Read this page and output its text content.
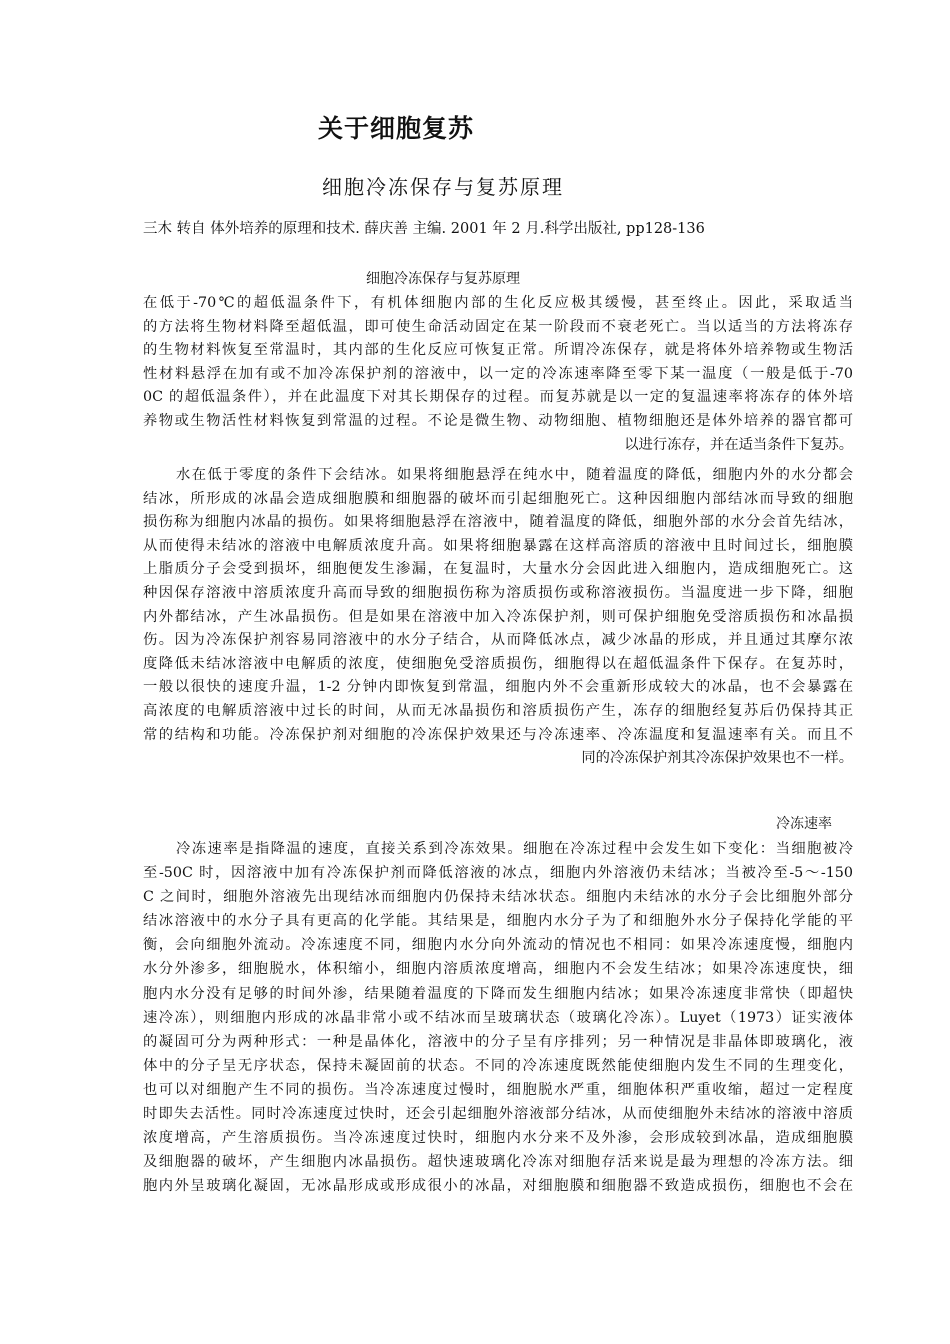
关于细胞复苏
细胞冷冻保存与复苏原理
三木 转自 体外培养的原理和技术. 薛庆善 主编. 2001 年 2 月.科学出版社, pp128-136
细胞冷冻保存与复苏原理
在低于-70℃的超低温条件下，有机体细胞内部的生化反应极其缓慢，甚至终止。因此，采取适当
的方法将生物材料降至超低温，即可使生命活动固定在某一阶段而不衰老死亡。当以适当的方法将冻存
的生物材料恢复至常温时，其内部的生化反应可恢复正常。所谓冷冻保存，就是将体外培养物或生物活
性材料悬浮在加有或不加冷冻保护剂的溶液中，以一定的冷冻速率降至零下某一温度（一般是低于-70
0C 的超低温条件），并在此温度下对其长期保存的过程。而复苏就是以一定的复温速率将冻存的体外培
养物或生物活性材料恢复到常温的过程。不论是微生物、动物细胞、植物细胞还是体外培养的器官都可
以进行冻存，并在适当条件下复苏。
水在低于零度的条件下会结冰。如果将细胞悬浮在纯水中，随着温度的降低，细胞内外的水分都会
结冰，所形成的冰晶会造成细胞膜和细胞器的破坏而引起细胞死亡。这种因细胞内部结冰而导致的细胞
损伤称为细胞内冰晶的损伤。如果将细胞悬浮在溶液中，随着温度的降低，细胞外部的水分会首先结冰，
从而使得未结冰的溶液中电解质浓度升高。如果将细胞暴露在这样高溶质的溶液中且时间过长，细胞膜
上脂质分子会受到损坏，细胞便发生渗漏，在复温时，大量水分会因此进入细胞内，造成细胞死亡。这
种因保存溶液中溶质浓度升高而导致的细胞损伤称为溶质损伤或称溶液损伤。当温度进一步下降，细胞
内外都结冰，产生冰晶损伤。但是如果在溶液中加入冷冻保护剂，则可保护细胞免受溶质损伤和冰晶损
伤。因为冷冻保护剂容易同溶液中的水分子结合，从而降低冰点，减少冰晶的形成，并且通过其摩尔浓
度降低未结冰溶液中电解质的浓度，使细胞免受溶质损伤，细胞得以在超低温条件下保存。在复苏时，
一般以很快的速度升温，1-2 分钟内即恢复到常温，细胞内外不会重新形成较大的冰晶，也不会暴露在
高浓度的电解质溶液中过长的时间，从而无冰晶损伤和溶质损伤产生，冻存的细胞经复苏后仍保持其正
常的结构和功能。冷冻保护剂对细胞的冷冻保护效果还与冷冻速率、冷冻温度和复温速率有关。而且不
同的冷冻保护剂其冷冻保护效果也不一样。
冷冻速率
冷冻速率是指降温的速度，直接关系到冷冻效果。细胞在冷冻过程中会发生如下变化：当细胞被冷
至-50C 时，因溶液中加有冷冻保护剂而降低溶液的冰点，细胞内外溶液仍未结冰；当被冷至-5～-150
C 之间时，细胞外溶液先出现结冰而细胞内仍保持未结冰状态。细胞内未结冰的水分子会比细胞外部分
结冰溶液中的水分子具有更高的化学能。其结果是，细胞内水分子为了和细胞外水分子保持化学能的平
衡，会向细胞外流动。冷冻速度不同，细胞内水分向外流动的情况也不相同：如果冷冻速度慢，细胞内
水分外渗多，细胞脱水，体积缩小，细胞内溶质浓度增高，细胞内不会发生结冰；如果冷冻速度快，细
胞内水分没有足够的时间外渗，结果随着温度的下降而发生细胞内结冰；如果冷冻速度非常快（即超快
速冷冻），则细胞内形成的冰晶非常小或不结冰而呈玻璃状态（玻璃化冷冻）。Luyet（1973）证实液体
的凝固可分为两种形式：一种是晶体化，溶液中的分子呈有序排列；另一种情况是非晶体即玻璃化，液
体中的分子呈无序状态，保持未凝固前的状态。不同的冷冻速度既然能使细胞内发生不同的生理变化，
也可以对细胞产生不同的损伤。当冷冻速度过慢时，细胞脱水严重，细胞体积严重收缩，超过一定程度
时即失去活性。同时冷冻速度过快时，还会引起细胞外溶液部分结冰，从而使细胞外未结冰的溶液中溶质
浓度增高，产生溶质损伤。当冷冻速度过快时，细胞内水分来不及外渗，会形成较到冰晶，造成细胞膜
及细胞器的破坏，产生细胞内冰晶损伤。超快速玻璃化冷冻对细胞存活来说是最为理想的冷冻方法。细
胞内外呈玻璃化凝固，无冰晶形成或形成很小的冰晶，对细胞膜和细胞器不致造成损伤，细胞也不会在
